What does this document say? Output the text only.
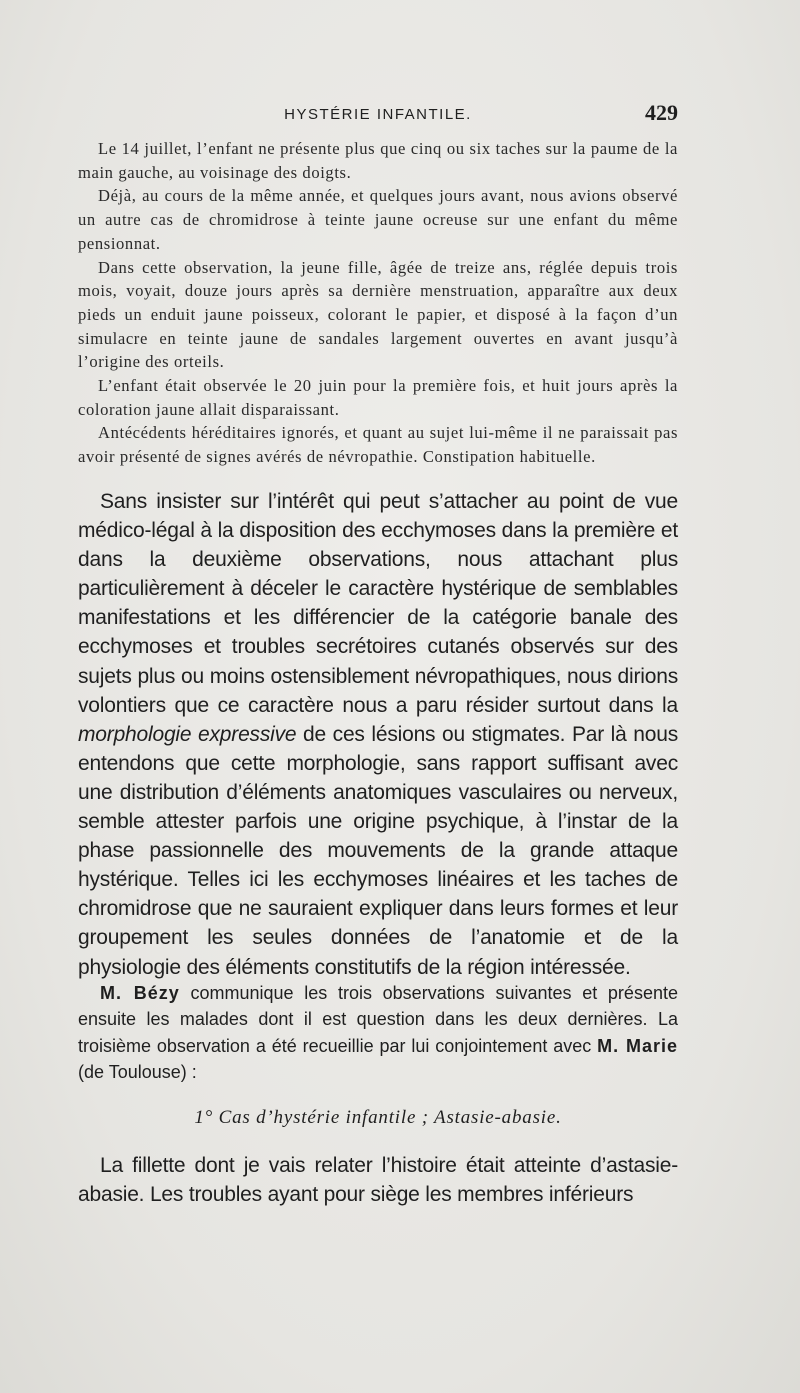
HYSTÉRIE INFANTILE.	429

Le 14 juillet, l’enfant ne présente plus que cinq ou six taches sur la paume de la main gauche, au voisinage des doigts.

Déjà, au cours de la même année, et quelques jours avant, nous avions observé un autre cas de chromidrose à teinte jaune ocreuse sur une enfant du même pensionnat.

Dans cette observation, la jeune fille, âgée de treize ans, réglée depuis trois mois, voyait, douze jours après sa dernière menstruation, apparaître aux deux pieds un enduit jaune poisseux, colorant le papier, et disposé à la façon d’un simulacre en teinte jaune de sandales largement ouvertes en avant jusqu’à l’origine des orteils.

L’enfant était observée le 20 juin pour la première fois, et huit jours après la coloration jaune allait disparaissant.

Antécédents héréditaires ignorés, et quant au sujet lui-même il ne paraissait pas avoir présenté de signes avérés de névropathie. Constipation habituelle.

Sans insister sur l’intérêt qui peut s’attacher au point de vue médico-légal à la disposition des ecchymoses dans la première et dans la deuxième observations, nous attachant plus particulièrement à déceler le caractère hystérique de semblables manifestations et les différencier de la catégorie banale des ecchymoses et troubles secrétoires cutanés observés sur des sujets plus ou moins ostensiblement névropathiques, nous dirions volontiers que ce caractère nous a paru résider surtout dans la morphologie expressive de ces lésions ou stigmates. Par là nous entendons que cette morphologie, sans rapport suffisant avec une distribution d’éléments anatomiques vasculaires ou nerveux, semble attester parfois une origine psychique, à l’instar de la phase passionnelle des mouvements de la grande attaque hystérique. Telles ici les ecchymoses linéaires et les taches de chromidrose que ne sauraient expliquer dans leurs formes et leur groupement les seules données de l’anatomie et de la physiologie des éléments constitutifs de la région intéressée.

M. Bézy communique les trois observations suivantes et présente ensuite les malades dont il est question dans les deux dernières. La troisième observation a été recueillie par lui conjointement avec M. Marie (de Toulouse) :

1° Cas d’hystérie infantile ; Astasie-abasie.

La fillette dont je vais relater l’histoire était atteinte d’astasie-abasie. Les troubles ayant pour siège les membres inférieurs
